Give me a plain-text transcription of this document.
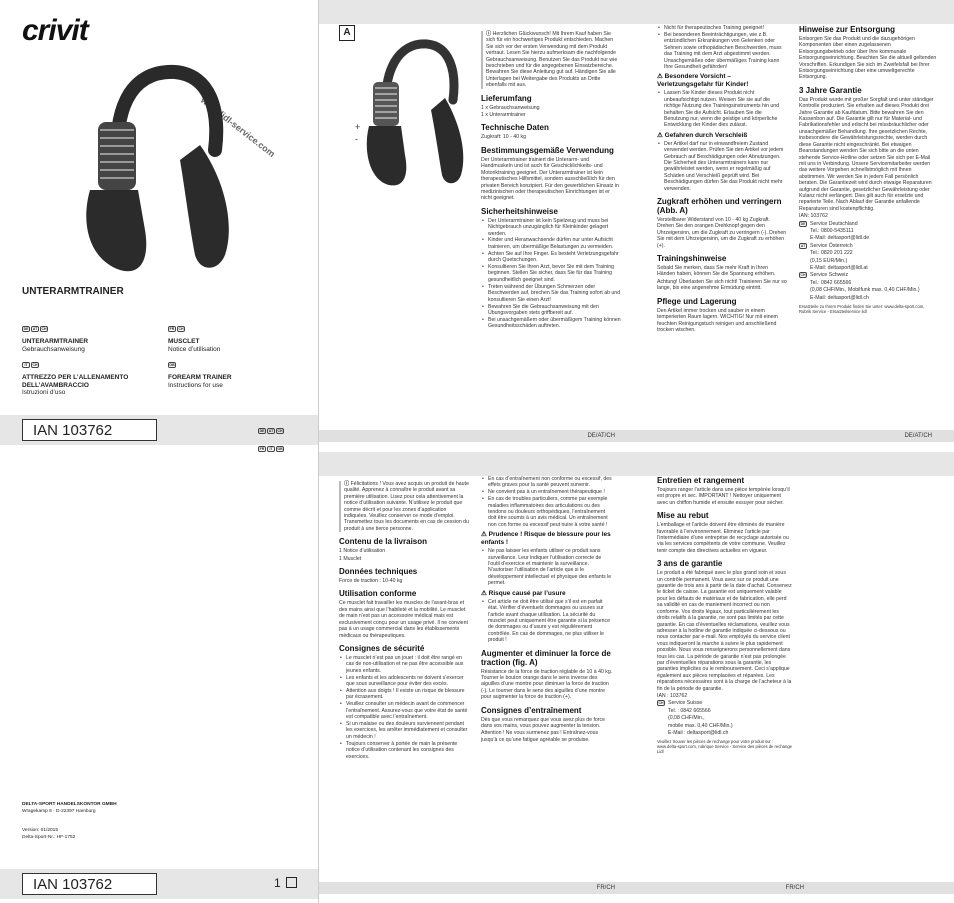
crivit
www.lidl-service.com
UNTERARMTRAINER
DE AT CH
UNTERARMTRAINER
Gebrauchsanweisung
FR CH
MUSCLET
Notice d’utilisation
IT CH
ATTREZZO PER L’ALLENAMENTO DELL’AVAMBRACCIO
Istruzioni d’uso
GB
FOREARM TRAINER
Instructions for use
IAN 103762	DE AT CH
FR IT GB
DELTA-SPORT HANDELSKONTOR GMBH
Wragekamp 6 · D-22397 Hamburg
Version: 01/2015
Delta-Sport-Nr.: HF-1752
IAN 103762	1
A
+
-
ⓘ Herzlichen Glückwunsch! Mit Ihrem Kauf haben Sie sich für ein hochwertiges Produkt entschieden. Machen Sie sich vor der ersten Verwendung mit dem Produkt vertraut. Lesen Sie hierzu aufmerksam die nachfolgende Gebrauchsanweisung. Benutzen Sie das Produkt nur wie beschrieben und für die angegebenen Einsatzbereiche. Bewahren Sie diese Anleitung gut auf. Händigen Sie alle Unterlagen bei Weitergabe des Produkts an Dritte ebenfalls mit aus.
Lieferumfang

1 x Gebrauchsanweisung

1 x Unterarmtrainer

Technische Daten

Zugkraft: 10 - 40 kg

Bestimmungsgemäße Verwendung

Der Unterarmtrainer trainiert die Unterarm- und Handmuskeln und ist auch für Geschicklichkeits- und Motoriktraining geeignet. Der Unterarmtrainer ist kein therapeutisches Hilfsmittel, sondern ausschließlich für den privaten Bereich konzipiert. Für den gewerblichen Einsatz in medizinischen oder therapeutischen Einrichtungen ist er nicht geeignet.

Sicherheitshinweise
• Der Unterarmtrainer ist kein Spielzeug und muss bei Nichtgebrauch unzugänglich für Kleinkinder gelagert werden.
• Kinder und Heranwachsende dürfen nur unter Aufsicht trainieren, um übermäßige Belastungen zu vermeiden.
• Achten Sie auf Ihre Finger. Es besteht Verletzungsgefahr durch Quetschungen.
• Konsultieren Sie Ihren Arzt, bevor Sie mit dem Training beginnen. Stellen Sie sicher, dass Sie für das Training gesundheitlich geeignet sind.
• Treten während der Übungen Schmerzen oder Beschwerden auf, brechen Sie das Training sofort ab und konsultieren Sie einen Arzt!
• Bewahren Sie die Gebrauchsanweisung mit den Übungsvorgaben stets griffbereit auf.
• Bei unsachgemäßem oder übermäßigem Training können Gesundheitsschäden auftreten.
• Nicht für therapeutisches Training geeignet!
• Bei besonderen Beeinträchtigungen, wie z.B. entzündlichen Erkrankungen von Gelenken oder Sehnen sowie orthopädischen Beschwerden, muss das Training mit dem Arzt abgestimmt werden. Unsachgemäßes oder übermäßiges Training kann Ihre Gesundheit gefährden!
⚠ Besondere Vorsicht – Verletzungsgefahr für Kinder!
• Lassen Sie Kinder dieses Produkt nicht unbeaufsichtigt nutzen. Weisen Sie sie auf die richtige Nutzung des Trainingsinstruments hin und behalten Sie die Aufsicht. Erlauben Sie die Benutzung nur, wenn die geistige und körperliche Entwicklung der Kinder dies zulässt.
⚠ Gefahren durch Verschleiß
• Der Artikel darf nur in einwandfreiem Zustand verwendet werden. Prüfen Sie den Artikel vor jedem Gebrauch auf Beschädigungen oder Abnutzungen. Die Sicherheit des Unterarmtrainers kann nur gewährleistet werden, wenn er regelmäßig auf Schäden und Verschleiß geprüft wird. Bei Beschädigungen dürfen Sie das Produkt nicht mehr verwenden.
Zugkraft erhöhen und verringern (Abb. A)

Verstellbarer Widerstand von 10 - 40 kg Zugkraft. Drehen Sie den orangen Drehknopf gegen den Uhrzeigersinn, um die Zugkraft zu verringern (-). Drehen Sie mit dem Uhrzeigersinn, um die Zugkraft zu erhöhen (+).

Trainingshinweise

Sobald Sie merken, dass Sie mehr Kraft in Ihren Händen haben, können Sie die Spannung erhöhen.

Achtung! Überlasten Sie sich nicht! Trainieren Sie nur so lange, bis eine angenehme Ermüdung eintritt.

Pflege und Lagerung

Den Artikel immer trocken und sauber in einem temperierten Raum lagern. WICHTIG! Nur mit einem feuchten Reinigungstuch reinigen und anschließend trocken wischen.

Hinweise zur Entsorgung

Entsorgen Sie das Produkt und die dazugehörigen Komponenten über einen zugelassenen Entsorgungsbetrieb oder über Ihre kommunale Entsorgungseinrichtung. Beachten Sie die aktuell geltenden Vorschriften. Erkundigen Sie sich im Zweifelsfall bei Ihrer Entsorgungseinrichtung über eine umweltgerechte Entsorgung.

3 Jahre Garantie

Das Produkt wurde mit großer Sorgfalt und unter ständiger Kontrolle produziert. Sie erhalten auf dieses Produkt drei Jahre Garantie ab Kaufdatum. Bitte bewahren Sie den Kassenbon auf. Die Garantie gilt nur für Material- und Fabrikationsfehler und erlischt bei missbräuchlicher oder unsachgemäßer Behandlung. Ihre gesetzlichen Rechte, insbesondere die Gewährleistungsrechte, werden durch diese Garantie nicht eingeschränkt. Bei etwaigen Beanstandungen wenden Sie sich bitte an die unten stehende Service-Hotline oder setzen Sie sich per E-Mail mit uns in Verbindung. Unsere Servicemitarbeiter werden das weitere Vorgehen schnellstmöglich mit Ihnen abstimmen. Wir werden Sie in jedem Fall persönlich beraten. Die Garantiezeit wird durch etwaige Reparaturen aufgrund der Garantie, gesetzlicher Gewährleistung oder Kulanz nicht verlängert. Dies gilt auch für ersetzte und reparierte Teile. Nach Ablauf der Garantie anfallende Reparaturen sind kostenpflichtig.

IAN: 103762

DE Service Deutschland

Tel.: 0800-5435111

E-Mail: deltasport@lidl.de

AT Service Österreich

Tel.: 0820 201 222

(0,15 EUR/Min.)

E-Mail: deltasport@lidl.at

CH Service Schweiz

Tel.: 0842 665566

(0,08 CHF/Min., Mobilfunk max. 0,40 CHF/Min.)

E-Mail: deltasport@lidl.ch

Ersatzteile zu Ihrem Produkt finden Sie unter: www.delta-sport.com, Rubrik Service - Ersatzteilservice lidl

DE/AT/CH	DE/AT/CH
ⓘ Félicitations ! Vous avez acquis un produit de haute qualité. Apprenez à connaître le produit avant sa première utilisation. Lisez pour cela attentivement la notice d’utilisation suivante. N’utilisez le produit que comme décrit et pour les zones d’application indiquées. Veuillez conserver ce mode d’emploi. Transmettez tous les documents en cas de cession du produit à une tierce personne.
Contenu de la livraison

1 Notice d’utilisation

1 Musclet

Données techniques

Force de traction : 10-40 kg

Utilisation conforme

Ce musclet fait travailler les muscles de l’avant-bras et des mains ainsi que l’habileté et la mobilité. Le musclet de main n’est pas un accessoire médical mais est exclusivement conçu pour un usage privé. Il ne convient pas à un usage commercial dans les établissements médicaux ou thérapeutiques.

Consignes de sécurité
• Le musclet n’est pas un jouet : il doit être rangé en cas de non-utilisation et ne pas être accessible aux jeunes enfants.
• Les enfants et les adolescents ne doivent s’exercer que sous surveillance pour éviter des excès.
• Attention aux doigts ! Il existe un risque de blessure par écrasement.
• Veuillez consulter un médecin avant de commencer l’entraînement. Assurez-vous que votre état de santé est compatible avec l’entraînement.
• Si un malaise ou des douleurs surviennent pendant les exercices, les arrêter immédiatement et consulter un médecin !
• Toujours conserver à portée de main la présente notice d’utilisation contenant les consignes des exercices.
• En cas d’entraînement non conforme ou excessif, des effets graves pour la santé peuvent survenir.
• Ne convient pas à un entraînement thérapeutique !
• En cas de troubles particuliers, comme par exemple maladies inflammatoires des articulations ou des tendons ou douleurs orthopédiques, l’entraînement doit être soumis à un avis médical. Un entraînement non con forme ou excessif peut nuire à votre santé !
⚠ Prudence ! Risque de blessure pour les enfants !
• Ne pas laisser les enfants utiliser ce produit sans surveillance. Leur indiquer l’utilisation correcte de l’outil d’exercice et maintenir la surveillance. N’autoriser l’utilisation de l’article que si le développement intellectuel et physique des enfants le permet.
⚠ Risque causé par l’usure
• Cet article ne doit être utilisé que s’il est en parfait état. Vérifier d’éventuels dommages ou usures sur l’article avant chaque utilisation. La sécurité du musclet peut uniquement être garantie si la présence de dommages ou d’usure y est régulièrement contrôlée. En cas de dommages, ne plus utiliser le produit !
Augmenter et diminuer la force de traction (fig. A)

Résistance de la force de traction réglable de 10 à 40 kg. Tourner le bouton orange dans le sens inverse des aiguilles d’une montre pour diminuer la force de traction (-). Le tourner dans le sens des aiguilles d’une montre pour augmenter la force de traction (+).

Consignes d’entraînement

Dès que vous remarquez que vous avez plus de force dans vos mains, vous pouvez augmenter la tension.

Attention ! Ne vous surmenez pas ! Entraînez-vous jusqu’à ce qu’une fatigue agréable se produise.

Entretien et rangement

Toujours ranger l’article dans une pièce tempérée lorsqu’il est propre et sec. IMPORTANT ! Nettoyer uniquement avec un chiffon humide et ensuite essuyer pour sécher.

Mise au rebut

L’emballage et l’article doivent être éliminés de manière favorable à l’environnement. Eliminez l’article par l’intermédiaire d’une entreprise de recyclage autorisée ou via les services compétents de votre commune. Veuillez tenir compte des directives actuelles en vigueur.

3 ans de garantie

Le produit a été fabriqué avec le plus grand soin et sous un contrôle permanent. Vous avez sur ce produit une garantie de trois ans à partir de la date d’achat. Conservez le ticket de caisse. La garantie est uniquement valable pour les défauts de matériaux et de fabrication, elle perd sa validité en cas de maniement incorrect ou non conforme. Vos droits légaux, tout particulièrement les droits relatifs à la garantie, ne sont pas limités par cette garantie. En cas d’éventuelles réclamations, veuillez vous adresser à la hotline de garantie indiquée ci-dessous ou nous contacter par e-mail. Nos employés du service client vous indiqueront la marche à suivre le plus rapidement possible. Nous vous renseignerons personnellement dans tous les cas. La période de garantie n’est pas prolongée par d’éventuelles réparations sous la garantie, les garanties implicites ou le remboursement. Ceci s’applique également aux pièces remplacées et réparées. Les réparations nécessaires sont à la charge de l’acheteur à la fin de la période de garantie.

IAN : 103762

CH Service Suisse

Tel. : 0842 665566

(0,08 CHF/Min.,

mobile max. 0,40 CHF/Min.)

E-Mail : deltasport@lidl.ch

Veuillez trouver les pièces de rechange pour votre produit sur : www.delta-sport.com, rubrique Service - Service des pièces de rechange Lidl

FR/CH	FR/CH
